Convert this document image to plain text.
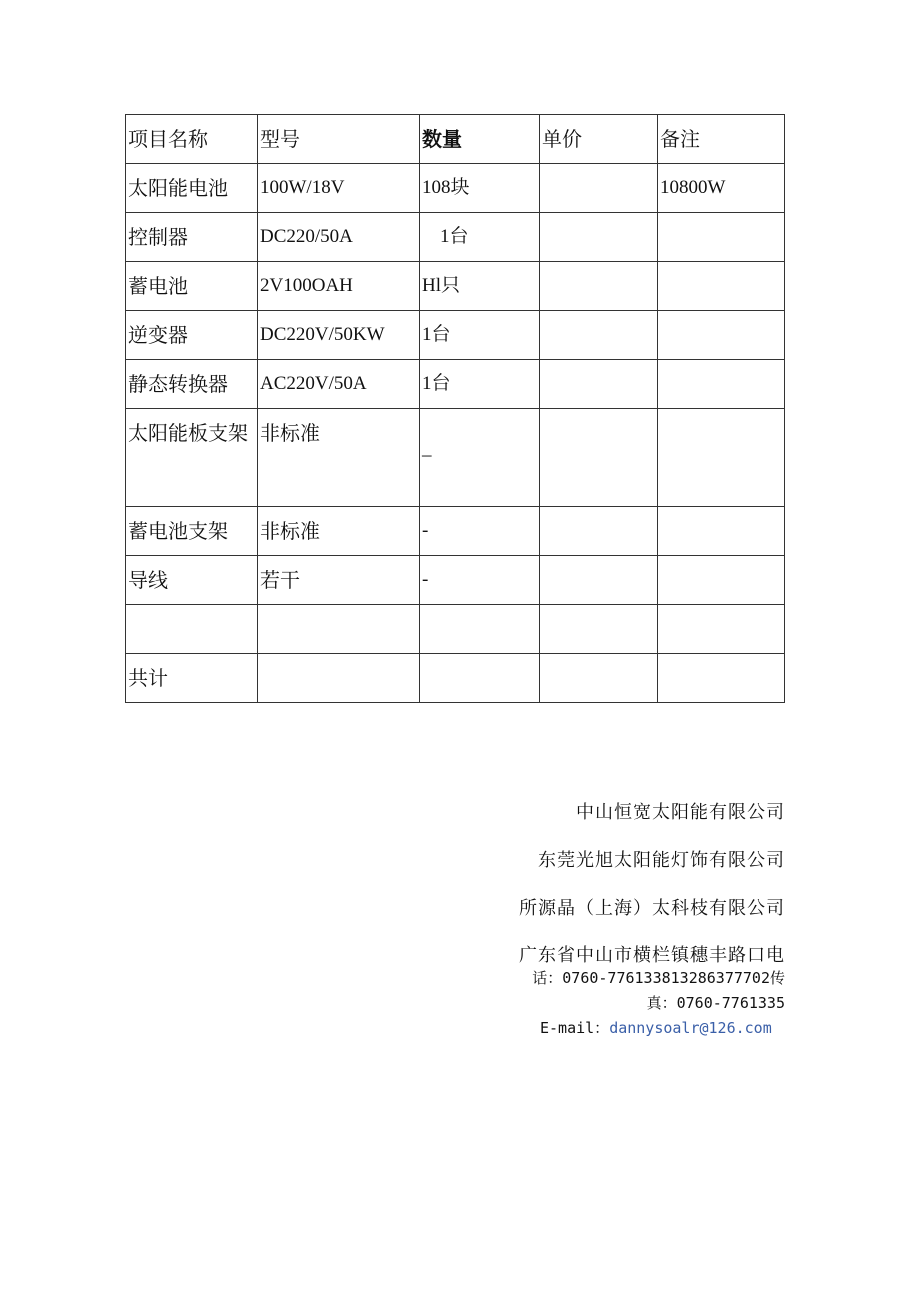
项目名称	型号	数量	单价	备注
太阳能电池	100W/18V	108块		10800W
控制器	DC220/50A	1台		
蓄电池	2V100OAH	Hl只		
逆变器	DC220V/50KW	1台		
静态转换器	AC220V/50A	1台		
太阳能板支架	非标准	_		
蓄电池支架	非标准	-		
导线	若干	-		

共计				
中山恒宽太阳能有限公司
东莞光旭太阳能灯饰有限公司
所源晶（上海）太科枝有限公司
广东省中山市横栏镇穗丰路口电
话：0760-776133813286377702传
真：0760-7761335
E-mail：dannysoalr@126.com
